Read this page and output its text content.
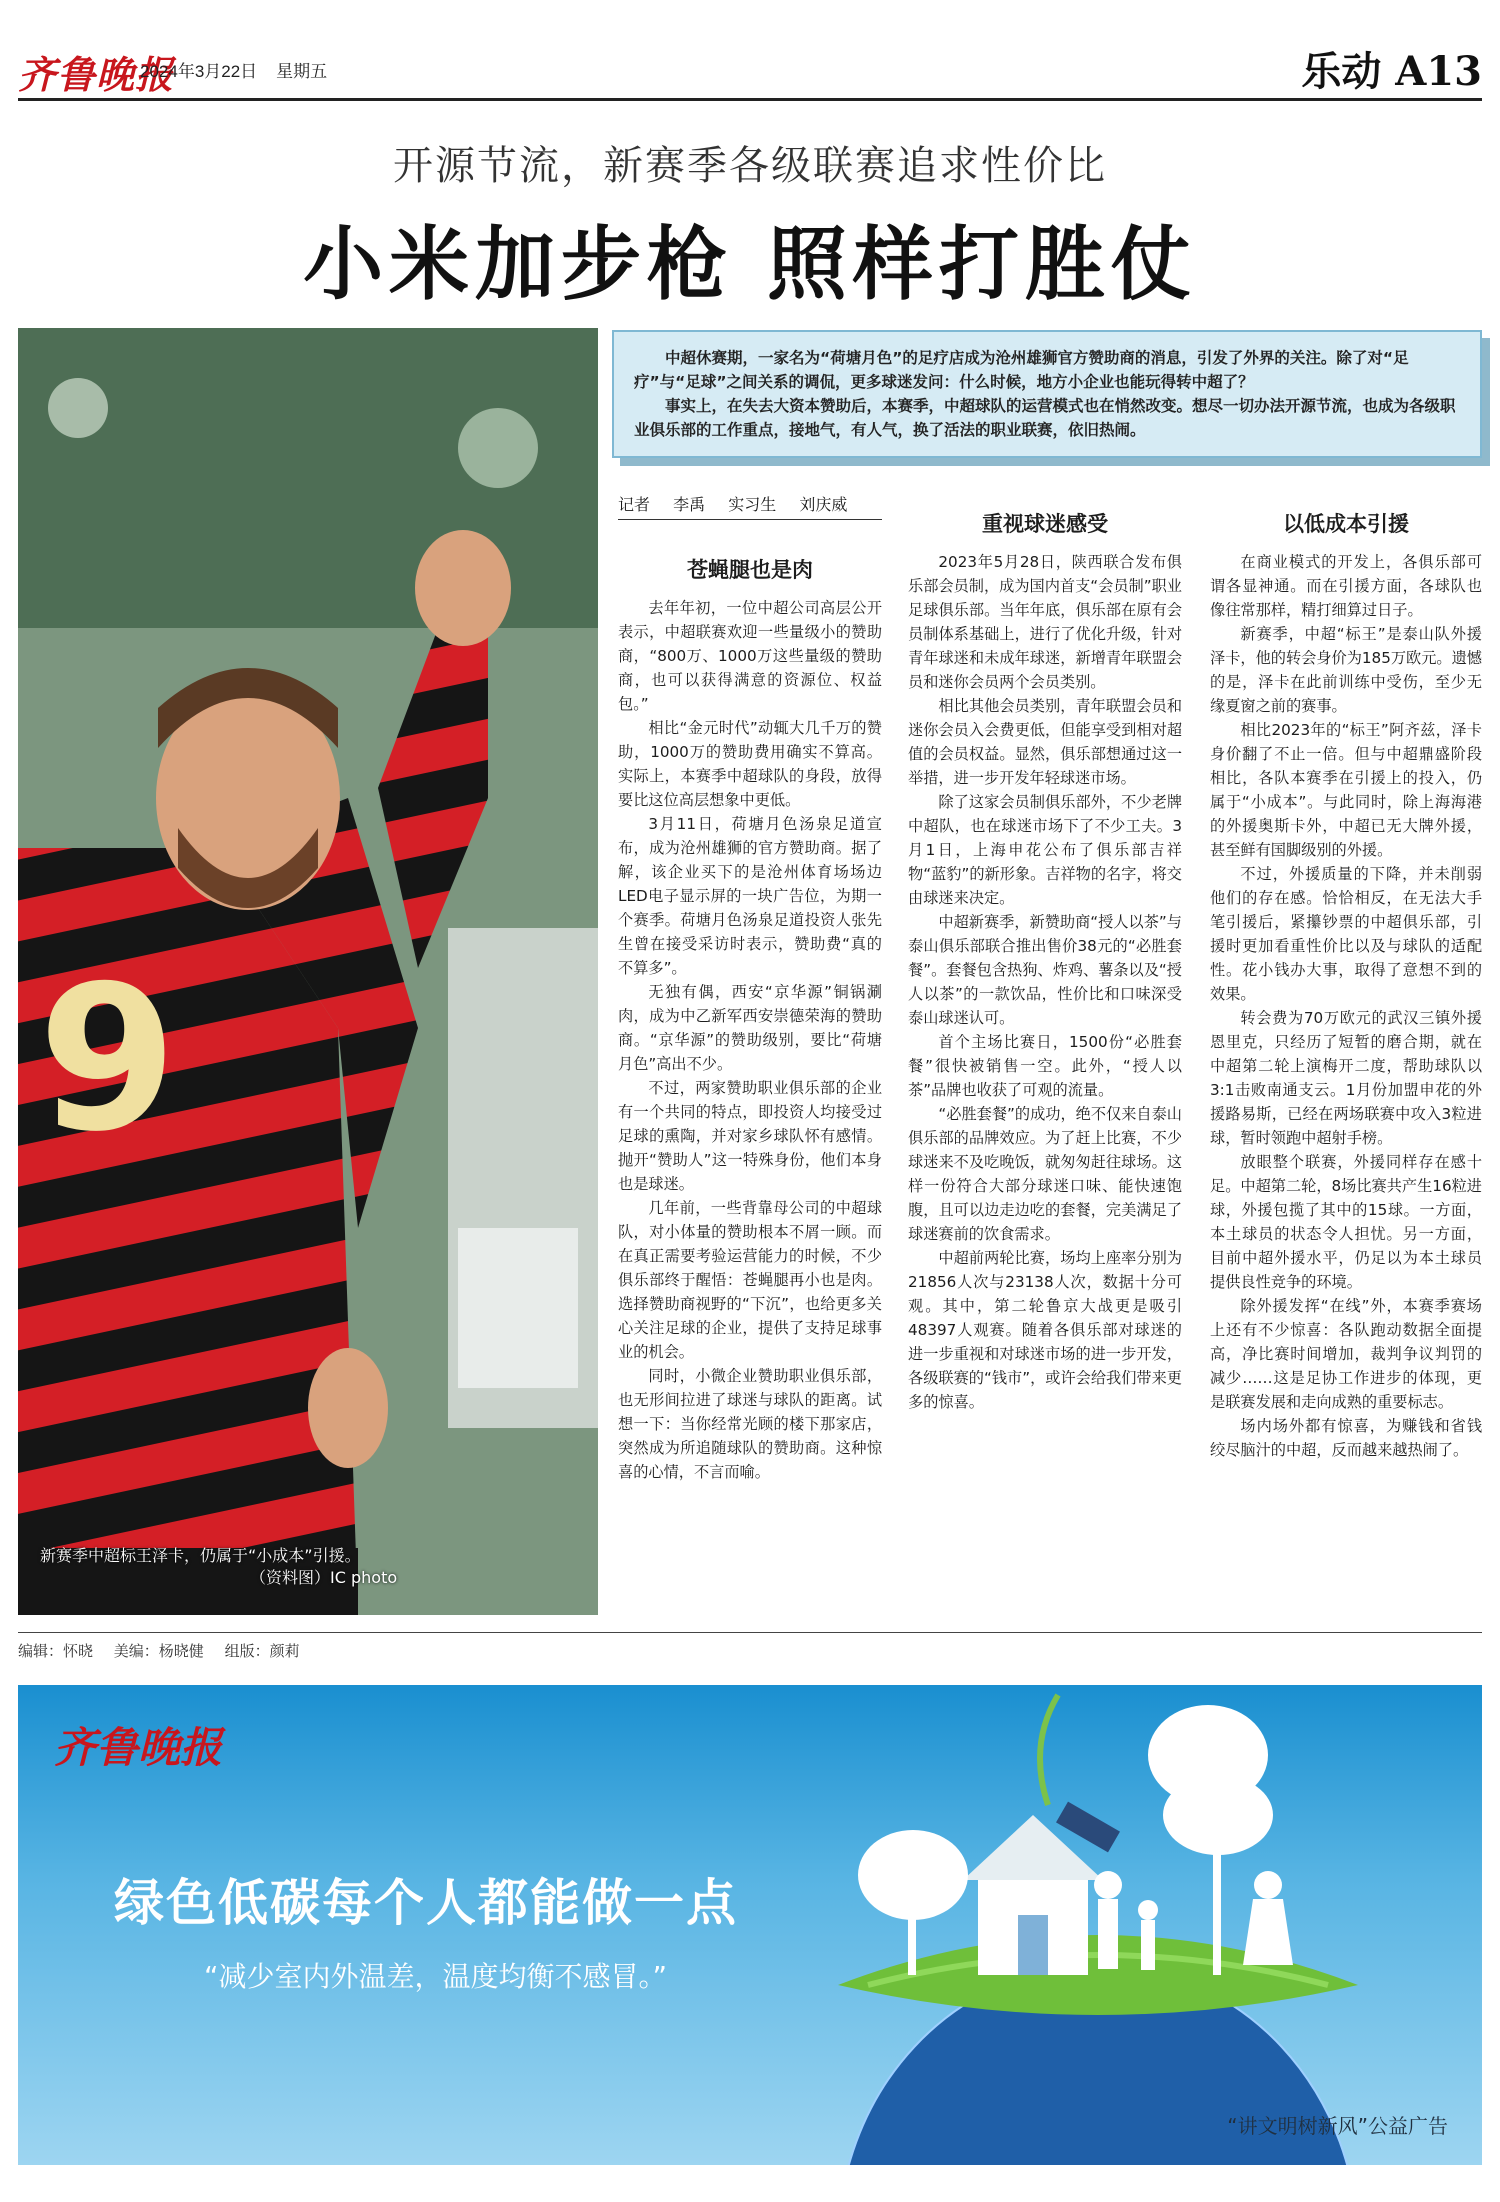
齐鲁晚报
2024年3月22日 星期五	乐动 A13
开源节流，新赛季各级联赛追求性价比
小米加步枪 照样打胜仗
9
新赛季中超标王泽卡，仍属于“小成本”引援。
（资料图）IC photo

中超休赛期，一家名为“荷塘月色”的足疗店成为沧州雄狮官方赞助商的消息，引发了外界的关注。除了对“足疗”与“足球”之间关系的调侃，更多球迷发问：什么时候，地方小企业也能玩得转中超了？

事实上，在失去大资本赞助后，本赛季，中超球队的运营模式也在悄然改变。想尽一切办法开源节流，也成为各级职业俱乐部的工作重点，接地气，有人气，换了活法的职业联赛，依旧热闹。

记者 李禹 实习生 刘庆威
苍蝇腿也是肉

去年年初，一位中超公司高层公开表示，中超联赛欢迎一些量级小的赞助商，“800万、1000万这些量级的赞助商，也可以获得满意的资源位、权益包。”

相比“金元时代”动辄大几千万的赞助，1000万的赞助费用确实不算高。实际上，本赛季中超球队的身段，放得要比这位高层想象中更低。

3月11日，荷塘月色汤泉足道宣布，成为沧州雄狮的官方赞助商。据了解，该企业买下的是沧州体育场场边LED电子显示屏的一块广告位，为期一个赛季。荷塘月色汤泉足道投资人张先生曾在接受采访时表示，赞助费“真的不算多”。

无独有偶，西安“京华源”铜锅涮肉，成为中乙新军西安崇德荣海的赞助商。“京华源”的赞助级别，要比“荷塘月色”高出不少。

不过，两家赞助职业俱乐部的企业有一个共同的特点，即投资人均接受过足球的熏陶，并对家乡球队怀有感情。抛开“赞助人”这一特殊身份，他们本身也是球迷。

几年前，一些背靠母公司的中超球队，对小体量的赞助根本不屑一顾。而在真正需要考验运营能力的时候，不少俱乐部终于醒悟：苍蝇腿再小也是肉。选择赞助商视野的“下沉”，也给更多关心关注足球的企业，提供了支持足球事业的机会。

同时，小微企业赞助职业俱乐部，也无形间拉进了球迷与球队的距离。试想一下：当你经常光顾的楼下那家店，突然成为所追随球队的赞助商。这种惊喜的心情，不言而喻。

重视球迷感受

2023年5月28日，陕西联合发布俱乐部会员制，成为国内首支“会员制”职业足球俱乐部。当年年底，俱乐部在原有会员制体系基础上，进行了优化升级，针对青年球迷和未成年球迷，新增青年联盟会员和迷你会员两个会员类别。

相比其他会员类别，青年联盟会员和迷你会员入会费更低，但能享受到相对超值的会员权益。显然，俱乐部想通过这一举措，进一步开发年轻球迷市场。

除了这家会员制俱乐部外，不少老牌中超队，也在球迷市场下了不少工夫。3月1日，上海申花公布了俱乐部吉祥物“蓝豹”的新形象。吉祥物的名字，将交由球迷来决定。

中超新赛季，新赞助商“授人以茶”与泰山俱乐部联合推出售价38元的“必胜套餐”。套餐包含热狗、炸鸡、薯条以及“授人以茶”的一款饮品，性价比和口味深受泰山球迷认可。

首个主场比赛日，1500份“必胜套餐”很快被销售一空。此外，“授人以茶”品牌也收获了可观的流量。

“必胜套餐”的成功，绝不仅来自泰山俱乐部的品牌效应。为了赶上比赛，不少球迷来不及吃晚饭，就匆匆赶往球场。这样一份符合大部分球迷口味、能快速饱腹，且可以边走边吃的套餐，完美满足了球迷赛前的饮食需求。

中超前两轮比赛，场均上座率分别为21856人次与23138人次，数据十分可观。其中，第二轮鲁京大战更是吸引48397人观赛。随着各俱乐部对球迷的进一步重视和对球迷市场的进一步开发，各级联赛的“钱市”，或许会给我们带来更多的惊喜。

以低成本引援

在商业模式的开发上，各俱乐部可谓各显神通。而在引援方面，各球队也像往常那样，精打细算过日子。

新赛季，中超“标王”是泰山队外援泽卡，他的转会身价为185万欧元。遗憾的是，泽卡在此前训练中受伤，至少无缘夏窗之前的赛事。

相比2023年的“标王”阿齐兹，泽卡身价翻了不止一倍。但与中超鼎盛阶段相比，各队本赛季在引援上的投入，仍属于“小成本”。与此同时，除上海海港的外援奥斯卡外，中超已无大牌外援，甚至鲜有国脚级别的外援。

不过，外援质量的下降，并未削弱他们的存在感。恰恰相反，在无法大手笔引援后，紧攥钞票的中超俱乐部，引援时更加看重性价比以及与球队的适配性。花小钱办大事，取得了意想不到的效果。

转会费为70万欧元的武汉三镇外援恩里克，只经历了短暂的磨合期，就在中超第二轮上演梅开二度，帮助球队以3:1击败南通支云。1月份加盟申花的外援路易斯，已经在两场联赛中攻入3粒进球，暂时领跑中超射手榜。

放眼整个联赛，外援同样存在感十足。中超第二轮，8场比赛共产生16粒进球，外援包揽了其中的15球。一方面，本土球员的状态令人担忧。另一方面，目前中超外援水平，仍足以为本土球员提供良性竞争的环境。

除外援发挥“在线”外，本赛季赛场上还有不少惊喜：各队跑动数据全面提高，净比赛时间增加，裁判争议判罚的减少……这是足协工作进步的体现，更是联赛发展和走向成熟的重要标志。

场内场外都有惊喜，为赚钱和省钱绞尽脑汁的中超，反而越来越热闹了。

编辑：怀晓 美编：杨晓健 组版：颜莉
齐鲁晚报
绿色低碳每个人都能做一点
“减少室内外温差，温度均衡不感冒。”
“讲文明树新风”公益广告
